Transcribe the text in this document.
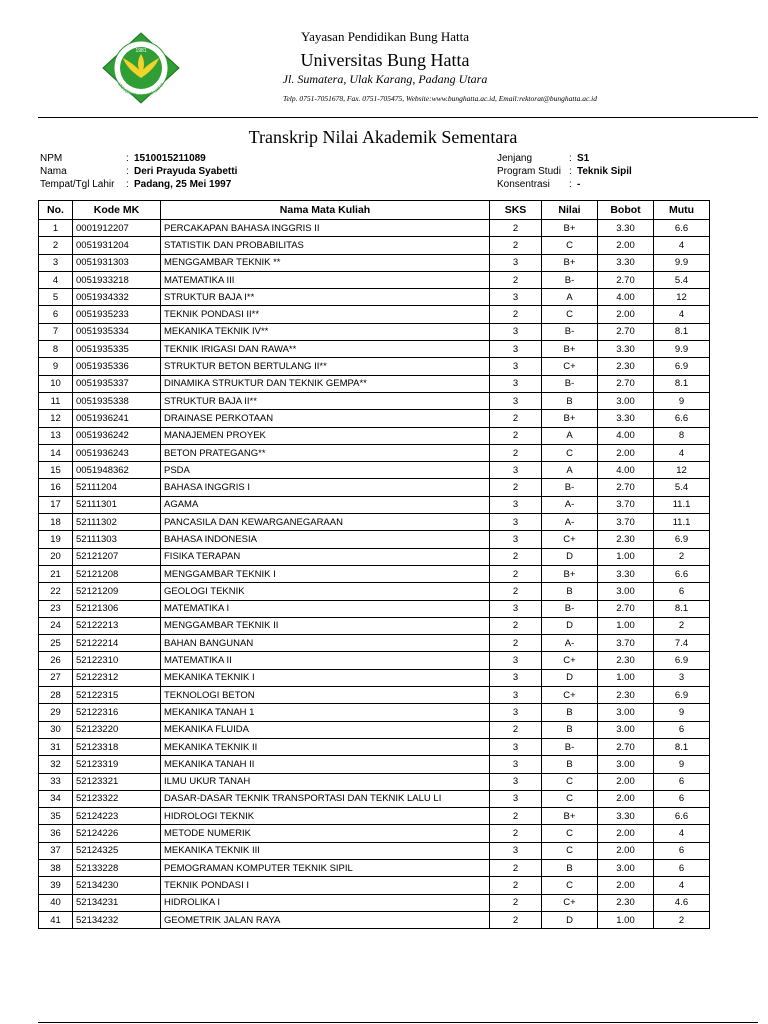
1981
UNIVERSITAS BUNG HATTA
Yayasan Pendidikan Bung Hatta
Universitas Bung Hatta
Jl. Sumatera, Ulak Karang, Padang Utara
Telp. 0751-7051678, Fax. 0751-705475, Website:www.bunghatta.ac.id, Email:rektorat@bunghatta.ac.id
Transkrip Nilai Akademik Sementara
NPM	: 1510015211089
Nama	: Deri Prayuda Syabetti
Tempat/Tgl Lahir : Padang, 25 Mei 1997
Jenjang	: S1
Program Studi : Teknik Sipil
Konsentrasi : -
No.	Kode MK	Nama Mata Kuliah	SKS	Nilai	Bobot	Mutu
1	0001912207	PERCAKAPAN BAHASA INGGRIS II	2	B+	3.30	6.6
2	0051931204	STATISTIK DAN PROBABILITAS	2	C	2.00	4
3	0051931303	MENGGAMBAR TEKNIK **	3	B+	3.30	9.9
4	0051933218	MATEMATIKA III	2	B-	2.70	5.4
5	0051934332	STRUKTUR BAJA I**	3	A	4.00	12
6	0051935233	TEKNIK PONDASI II**	2	C	2.00	4
7	0051935334	MEKANIKA TEKNIK IV**	3	B-	2.70	8.1
8	0051935335	TEKNIK IRIGASI DAN RAWA**	3	B+	3.30	9.9
9	0051935336	STRUKTUR BETON BERTULANG II**	3	C+	2.30	6.9
10	0051935337	DINAMIKA STRUKTUR DAN TEKNIK GEMPA**	3	B-	2.70	8.1
11	0051935338	STRUKTUR BAJA II**	3	B	3.00	9
12	0051936241	DRAINASE PERKOTAAN	2	B+	3.30	6.6
13	0051936242	MANAJEMEN PROYEK	2	A	4.00	8
14	0051936243	BETON PRATEGANG**	2	C	2.00	4
15	0051948362	PSDA	3	A	4.00	12
16	52111204	BAHASA INGGRIS I	2	B-	2.70	5.4
17	52111301	AGAMA	3	A-	3.70	11.1
18	52111302	PANCASILA DAN KEWARGANEGARAAN	3	A-	3.70	11.1
19	52111303	BAHASA INDONESIA	3	C+	2.30	6.9
20	52121207	FISIKA TERAPAN	2	D	1.00	2
21	52121208	MENGGAMBAR TEKNIK I	2	B+	3.30	6.6
22	52121209	GEOLOGI TEKNIK	2	B	3.00	6
23	52121306	MATEMATIKA I	3	B-	2.70	8.1
24	52122213	MENGGAMBAR TEKNIK II	2	D	1.00	2
25	52122214	BAHAN BANGUNAN	2	A-	3.70	7.4
26	52122310	MATEMATIKA II	3	C+	2.30	6.9
27	52122312	MEKANIKA TEKNIK I	3	D	1.00	3
28	52122315	TEKNOLOGI BETON	3	C+	2.30	6.9
29	52122316	MEKANIKA TANAH 1	3	B	3.00	9
30	52123220	MEKANIKA FLUIDA	2	B	3.00	6
31	52123318	MEKANIKA TEKNIK II	3	B-	2.70	8.1
32	52123319	MEKANIKA TANAH II	3	B	3.00	9
33	52123321	ILMU UKUR TANAH	3	C	2.00	6
34	52123322	DASAR-DASAR TEKNIK TRANSPORTASI DAN TEKNIK LALU LI	3	C	2.00	6
35	52124223	HIDROLOGI TEKNIK	2	B+	3.30	6.6
36	52124226	METODE NUMERIK	2	C	2.00	4
37	52124325	MEKANIKA TEKNIK III	3	C	2.00	6
38	52133228	PEMOGRAMAN KOMPUTER TEKNIK SIPIL	2	B	3.00	6
39	52134230	TEKNIK PONDASI I	2	C	2.00	4
40	52134231	HIDROLIKA I	2	C+	2.30	4.6
41	52134232	GEOMETRIK JALAN RAYA	2	D	1.00	2
